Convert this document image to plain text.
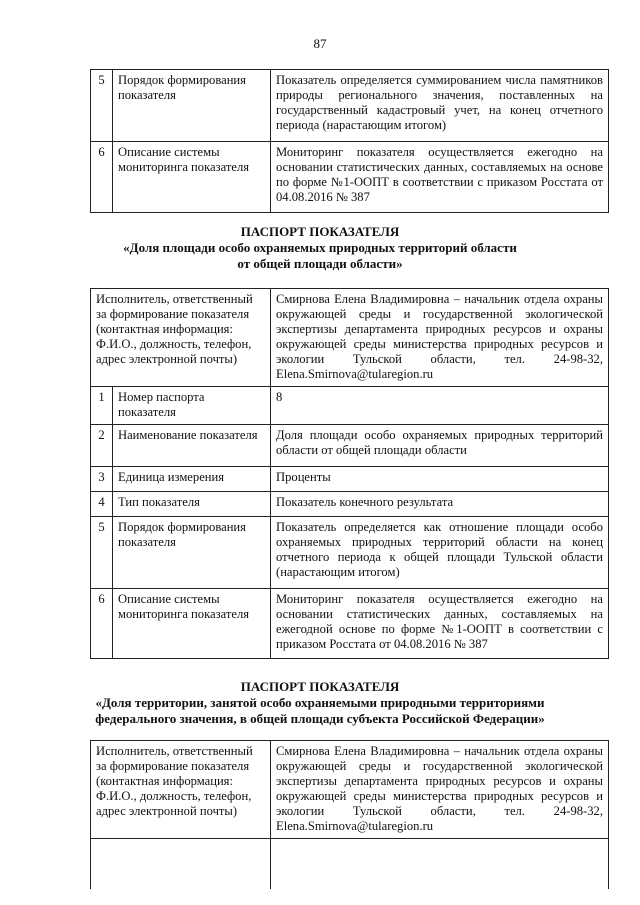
87
5	Порядок формирования показателя	Показатель определяется суммированием числа памятников природы регионального значения, поставленных на государственный кадастровый учет, на конец отчетного периода (нарастающим итогом)
6	Описание системы мониторинга показателя	Мониторинг показателя осуществляется ежегодно на основании статистических данных, составляемых на основе по форме №1-ООПТ в соответствии с приказом Росстата от 04.08.2016 № 387
ПАСПОРТ ПОКАЗАТЕЛЯ
«Доля площади особо охраняемых природных территорий области
от общей площади области»
Исполнитель, ответственный за формирование показателя (контактная информация: Ф.И.О., должность, телефон, адрес электронной почты)		Смирнова Елена Владимировна – начальник отдела охраны окружающей среды и государственной экологической экспертизы департамента природных ресурсов и охраны окружающей среды министерства природных ресурсов и экологии Тульской области, тел. 24-98-32, Elena.Smirnova@tularegion.ru
1	Номер паспорта показателя	8
2	Наименование показателя	Доля площади особо охраняемых природных территорий области от общей площади области
3	Единица измерения	Проценты
4	Тип показателя	Показатель конечного результата
5	Порядок формирования показателя	Показатель определяется как отношение площади особо охраняемых природных территорий области на конец отчетного периода к общей площади Тульской области (нарастающим итогом)
6	Описание системы мониторинга показателя	Мониторинг показателя осуществляется ежегодно на основании статистических данных, составляемых на ежегодной основе по форме №1-ООПТ в соответствии с приказом Росстата от 04.08.2016 № 387
ПАСПОРТ ПОКАЗАТЕЛЯ
«Доля территории, занятой особо охраняемыми природными территориями
федерального значения, в общей площади субъекта Российской Федерации»
Исполнитель, ответственный за формирование показателя (контактная информация: Ф.И.О., должность, телефон, адрес электронной почты)	Смирнова Елена Владимировна – начальник отдела охраны окружающей среды и государственной экологической экспертизы департамента природных ресурсов и охраны окружающей среды министерства природных ресурсов и экологии Тульской области, тел. 24-98-32, Elena.Smirnova@tularegion.ru
